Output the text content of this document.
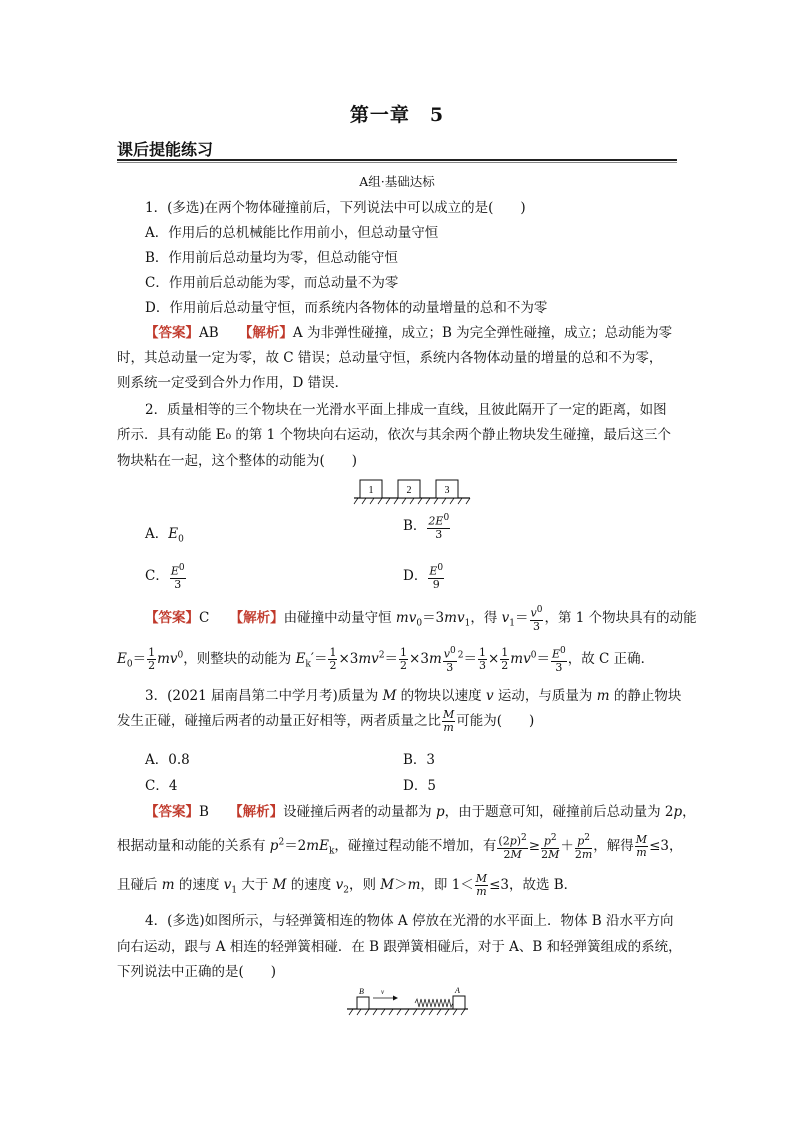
第一章　5
课后提能练习
A组·基础达标
1．(多选)在两个物体碰撞前后，下列说法中可以成立的是(　　)
A．作用后的总机械能比作用前小，但总动量守恒
B．作用前后总动量均为零，但总动能守恒
C．作用前后总动能为零，而总动量不为零
D．作用前后总动量守恒，而系统内各物体的动量增量的总和不为零
【答案】AB　　 【解析】A 为非弹性碰撞，成立；B 为完全弹性碰撞，成立；总动能为零
时，其总动量一定为零，故 C 错误；总动量守恒，系统内各物体动量的增量的总和不为零，
则系统一定受到合外力作用，D 错误．
2．质量相等的三个物块在一光滑水平面上排成一直线，且彼此隔开了一定的距离，如图
所示．具有动能 E₀ 的第 1 个物块向右运动，依次与其余两个静止物块发生碰撞，最后这三个
物块粘在一起，这个整体的动能为(　　)
1	2	3
A．$E_0$
B． $\frac{2E^0}{3}$
C． $\frac{E^0}{3}$	D． $\frac{E^0}{9}$
【答案】C　　 【解析】由碰撞中动量守恒 $mv_0=3mv_1$，得 $v_1= \frac{v^0}{3}$ ，第 1 个物块具有的动能
$E_0= \frac{1}{2} mv^0$，则整块的动能为 $E_k'= \frac{1}{2} \times 3mv^2= \frac{1}{2} \times 3m \frac{v^0}{3} ^2= \frac{1}{3} \times \frac{1}{2} mv^0= \frac{E^0}{3}$ ，故 C 正确．
3．(2021 届南昌第二中学月考)质量为 M 的物块以速度 v 运动，与质量为 m 的静止物块
发生正碰，碰撞后两者的动量正好相等，两者质量之比 $\frac{M}{m}$ 可能为(　　)
A．0.8	B．3
C．4	D．5
【答案】B　　 【解析】设碰撞后两者的动量都为 p，由于题意可知，碰撞前后总动量为 2p，
根据动量和动能的关系有 $p^2=2mE_k$，碰撞过程动能不增加，有 $\frac{(2p)^2}{2M} \ge \frac{p^2}{2M} + \frac{p^2}{2m}$ ，解得 $\frac{M}{m} \le 3$，
且碰后 m 的速度 $v_1$ 大于 M 的速度 $v_2$，则 M＞m，即 $1< \frac{M}{m} \le 3$，故选 B．
4．(多选)如图所示，与轻弹簧相连的物体 A 停放在光滑的水平面上．物体 B 沿水平方向
向右运动，跟与 A 相连的轻弹簧相碰．在 B 跟弹簧相碰后，对于 A、B 和轻弹簧组成的系统，
下列说法中正确的是(　　)
B v	A
